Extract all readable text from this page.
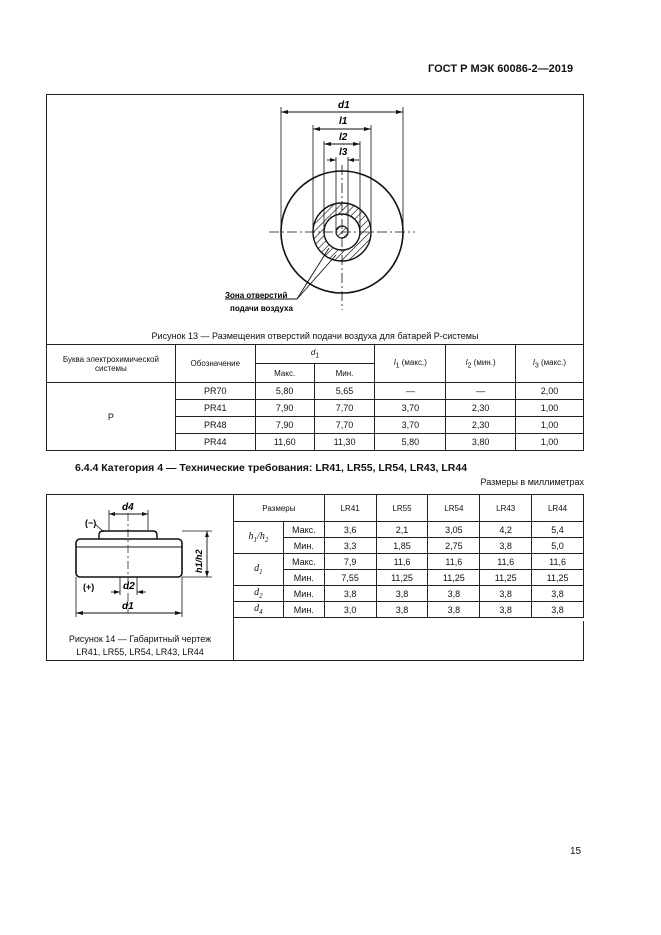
ГОСТ Р МЭК 60086-2—2019
d1
l1
l2
l3
Зона отверстий
подачи воздуха
Рисунок 13 — Размещения отверстий подачи воздуха для батарей Р-системы
Буква электрохимической системы	Обозначение	$d_1$		$l_1$ (макс.)	$l_2$ (мин.)	$l_3$ (макс.)
		Макс.	Мин.			
P	PR70	5,80	5,65	—	—	2,00
	PR41	7,90	7,70	3,70	2,30	1,00
	PR48	7,90	7,70	3,70	2,30	1,00
	PR44	11,60	11,30	5,80	3,80	1,00
6.4.4 Категория 4 — Технические требования: LR41, LR55, LR54, LR43, LR44
Размеры в миллиметрах
d4
(−)
(+)	d2
d1
h1/h2
Рисунок 14 — Габаритный чертеж
LR41, LR55, LR54, LR43, LR44
Размеры		LR41	LR55	LR54	LR43	LR44
$h_1/h_2$	Макс.	3,6	2,1	3,05	4,2	5,4
	Мин.	3,3	1,85	2,75	3,8	5,0
$d_1$	Макс.	7,9	11,6	11,6	11,6	11,6
	Мин.	7,55	11,25	11,25	11,25	11,25
$d_2$	Мин.	3,8	3,8	3,8	3,8	3,8
$d_4$	Мин.	3,0	3,8	3,8	3,8	3,8
15
